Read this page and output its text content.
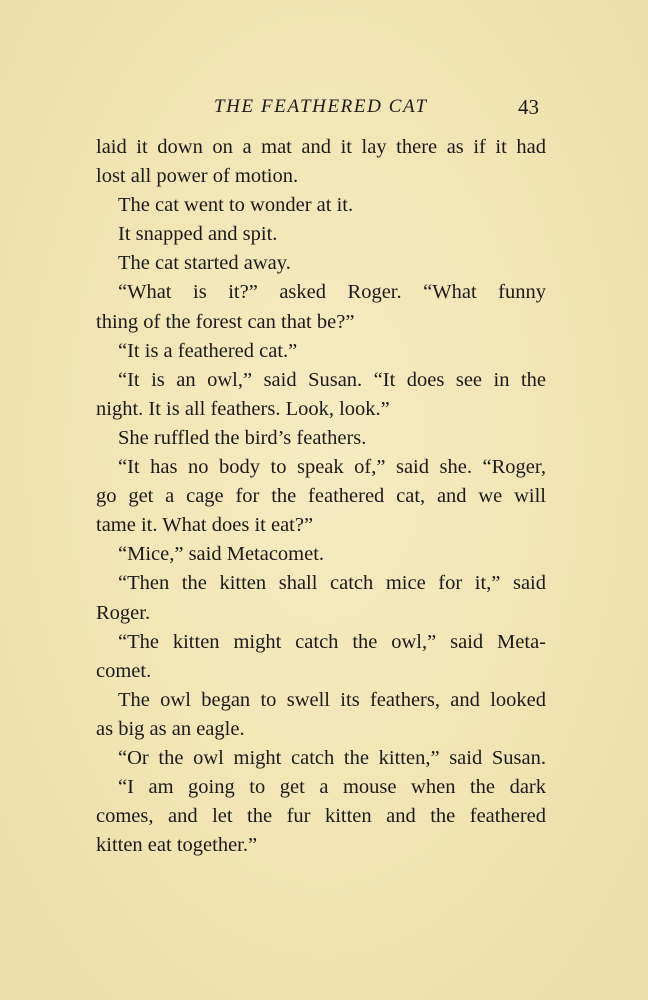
THE FEATHERED CAT	43
laid it down on a mat and it lay there as if it had
lost all power of motion.
The cat went to wonder at it.
It snapped and spit.
The cat started away.
“What is it?” asked Roger. “What funny
thing of the forest can that be?”
“It is a feathered cat.”
“It is an owl,” said Susan. “It does see in the
night. It is all feathers. Look, look.”
She ruffled the bird’s feathers.
“It has no body to speak of,” said she. “Roger,
go get a cage for the feathered cat, and we will
tame it. What does it eat?”
“Mice,” said Metacomet.
“Then the kitten shall catch mice for it,” said
Roger.
“The kitten might catch the owl,” said Meta-
comet.
The owl began to swell its feathers, and looked
as big as an eagle.
“Or the owl might catch the kitten,” said Susan.
“I am going to get a mouse when the dark
comes, and let the fur kitten and the feathered
kitten eat together.”
